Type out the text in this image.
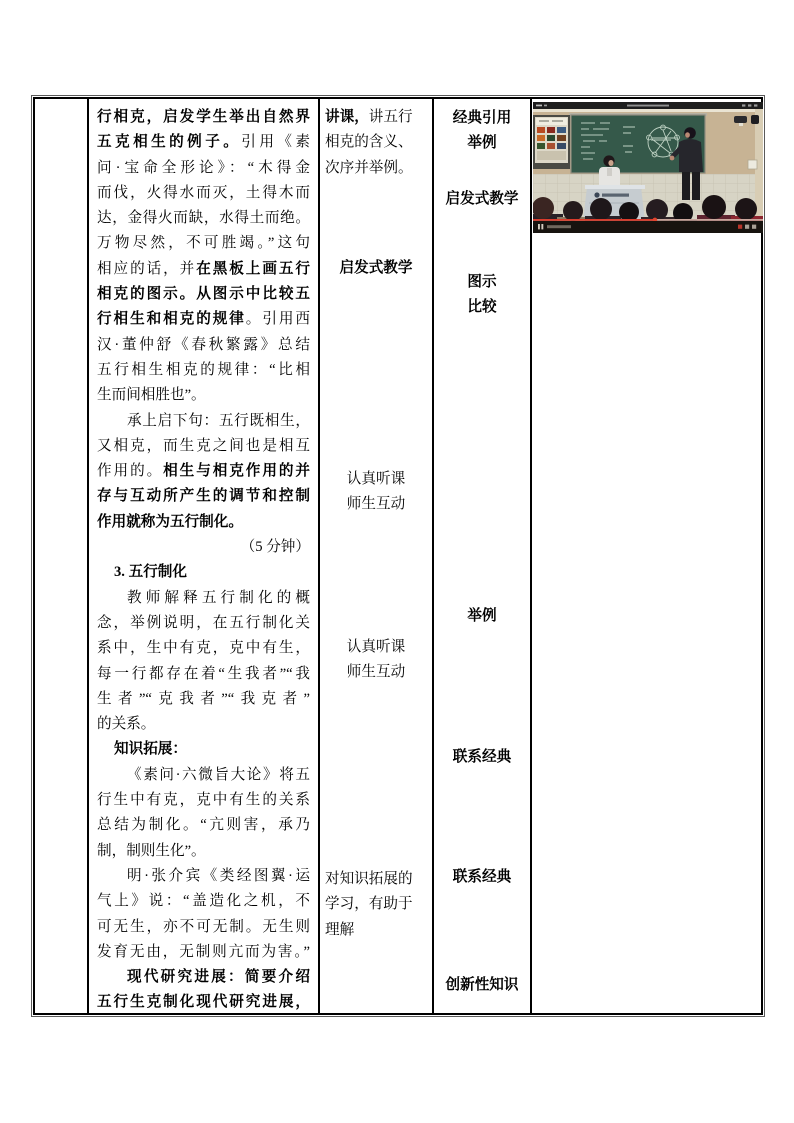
行相克，启发学生举出自然界
五克相生的例子。引用《素
问·宝命全形论》：“木得金
而伐，火得水而灭，土得木而
达，金得火而缺，水得土而绝。
万物尽然，不可胜竭。”这句
相应的话，并在黑板上画五行
相克的图示。从图示中比较五
行相生和相克的规律。引用西
汉·董仲舒《春秋繁露》总结
五行相生相克的规律：“比相
生而间相胜也”。
承上启下句：五行既相生，
又相克，而生克之间也是相互
作用的。相生与相克作用的并
存与互动所产生的调节和控制
作用就称为五行制化。
（5 分钟）
3. 五行制化
教师解释五行制化的概
念，举例说明，在五行制化关
系中，生中有克，克中有生，
每一行都存在着“生我者”“我
生者”“克我者”“我克者”
的关系。
知识拓展：
《素问·六微旨大论》将五
行生中有克，克中有生的关系
总结为制化。“亢则害，承乃
制，制则生化”。
明·张介宾《类经图翼·运
气上》说：“盖造化之机，不
可无生，亦不可无制。无生则
发育无由，无制则亢而为害。”
现代研究进展：简要介绍
五行生克制化现代研究进展，
讲课，讲五行
相克的含义、
次序并举例。
启发式教学
认真听课
师生互动
认真听课
师生互动
对知识拓展的
学习，有助于
理解
经典引用
举例
启发式教学
图示
比较
举例
联系经典
联系经典
创新性知识
